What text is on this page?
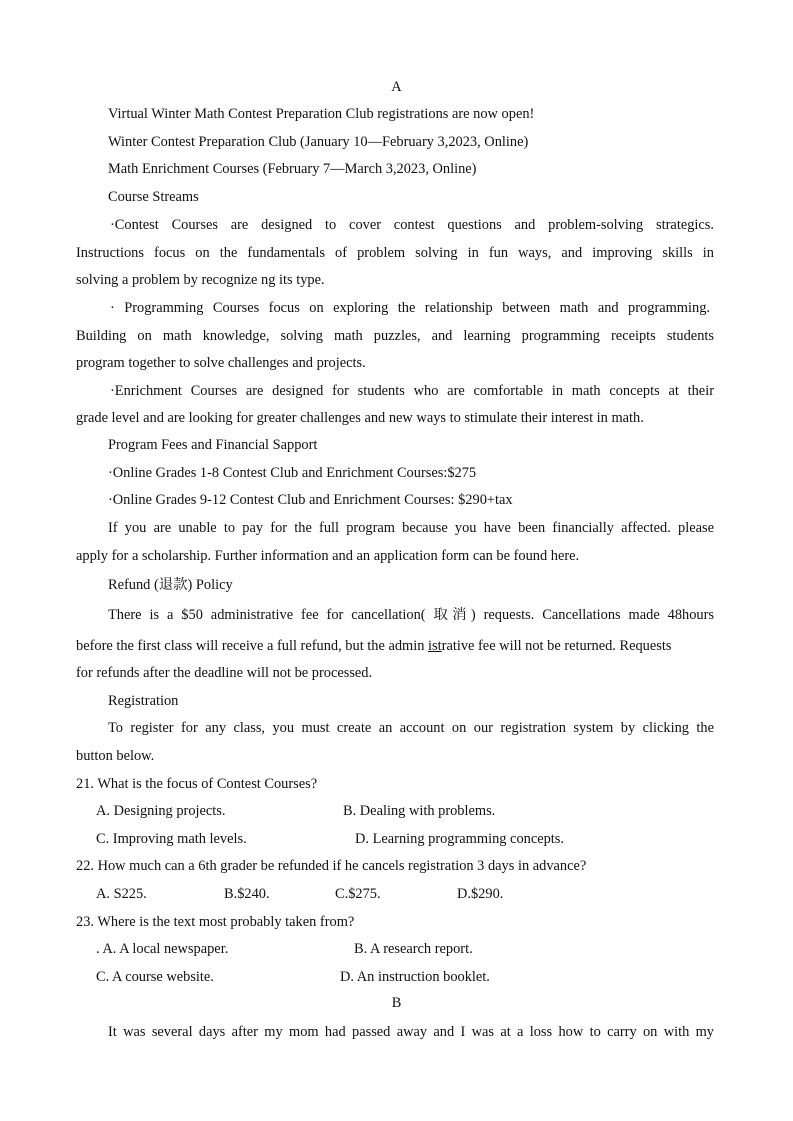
A
Virtual Winter Math Contest Preparation Club registrations are now open!
Winter Contest Preparation Club (January 10—February 3,2023, Online)
Math Enrichment Courses (February 7—March 3,2023, Online)
Course Streams
·Contest Courses are designed to cover contest questions and problem-solving strategics.
Instructions focus on the fundamentals of problem solving in fun ways, and improving skills in
solving a problem by recognize ng its type.
· Programming Courses focus on exploring the relationship between math and programming.
Building on math knowledge, solving math puzzles, and learning programming receipts students
program together to solve challenges and projects.
·Enrichment Courses are designed for students who are comfortable in math concepts at their
grade level and are looking for greater challenges and new ways to stimulate their interest in math.
Program Fees and Financial Sapport
·Online Grades 1-8 Contest Club and Enrichment Courses:$275
·Online Grades 9-12 Contest Club and Enrichment Courses: $290+tax
If you are unable to pay for the full program because you have been financially affected. please
apply for a scholarship. Further information and an application form can be found here.
Refund (退款) Policy
There is a $50 administrative fee for cancellation( 取消) requests. Cancellations made 48hours
before the first class will receive a full refund, but the admin istrative fee will not be returned. Requests
for refunds after the deadline will not be processed.
Registration
To register for any class, you must create an account on our registration system by clicking the
button below.
21. What is the focus of Contest Courses?
A. Designing projects.	B. Dealing with problems.
C. Improving math levels.	D. Learning programming concepts.
22. How much can a 6th grader be refunded if he cancels registration 3 days in advance?
A. S225.	B.$240.	C.$275.	D.$290.
23. Where is the text most probably taken from?
. A. A local newspaper.	B. A research report.
C. A course website.	D. An instruction booklet.
B
It was several days after my mom had passed away and I was at a loss how to carry on with my
